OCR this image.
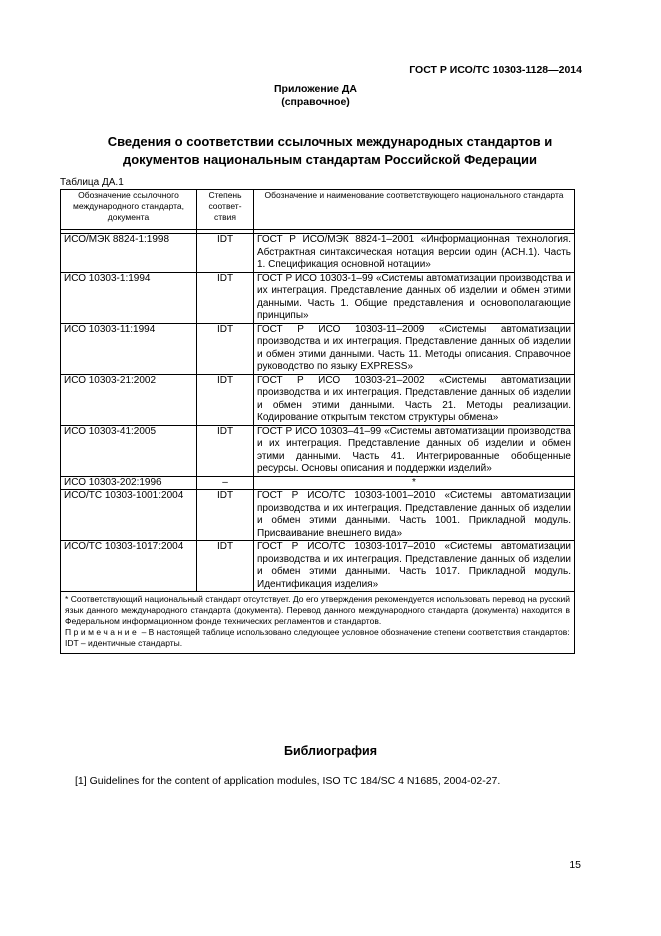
ГОСТ Р ИСО/ТС 10303-1128—2014
Приложение ДА
(справочное)
Сведения о соответствии ссылочных международных стандартов и
документов национальным стандартам Российской Федерации
Таблица ДА.1
Обозначение ссылочного международного стандарта, документа	Степень соответ-ствия	Обозначение и наименование соответствующего национального стандарта

ИСО/МЭК 8824-1:1998	IDT	ГОСТ Р ИСО/МЭК 8824-1–2001 «Информационная технология. Абстрактная синтаксическая нотация версии один (АСН.1). Часть 1. Спецификация основной нотации»
ИСО 10303-1:1994	IDT	ГОСТ Р ИСО 10303-1–99 «Системы автоматизации производства и их интеграция. Представление данных об изделии и обмен этими данными. Часть 1. Общие представления и основополагающие принципы»
ИСО 10303-11:1994	IDT	ГОСТ Р ИСО 10303-11–2009 «Системы автоматизации производства и их интеграция. Представление данных об изделии и обмен этими данными. Часть 11. Методы описания. Справочное руководство по языку EXPRESS»
ИСО 10303-21:2002	IDT	ГОСТ Р ИСО 10303-21–2002 «Системы автоматизации производства и их интеграция. Представление данных об изделии и обмен этими данными. Часть 21. Методы реализации. Кодирование открытым текстом структуры обмена»
ИСО 10303-41:2005	IDT	ГОСТ Р ИСО 10303–41–99 «Системы автоматизации производства и их интеграция. Представление данных об изделии и обмен этими данными. Часть 41. Интегрированные обобщенные ресурсы. Основы описания и поддержки изделий»
ИСО 10303-202:1996	–	*
ИСО/ТС 10303-1001:2004	IDT	ГОСТ Р ИСО/ТС 10303-1001–2010 «Системы автоматизации производства и их интеграция. Представление данных об изделии и обмен этими данными. Часть 1001. Прикладной модуль. Присваивание внешнего вида»
ИСО/ТС 10303-1017:2004	IDT	ГОСТ Р ИСО/ТС 10303-1017–2010 «Системы автоматизации производства и их интеграция. Представление данных об изделии и обмен этими данными. Часть 1017. Прикладной модуль. Идентификация изделия»

* Соответствующий национальный стандарт отсутствует. До его утверждения рекомендуется использовать перевод на русский язык данного международного стандарта (документа). Перевод данного международного стандарта (документа) находится в Федеральном информационном фонде технических регламентов и стандартов.

Примечание – В настоящей таблице использовано следующее условное обозначение степени соответствия стандартов:

IDT – идентичные стандарты.		

Библиография
[1] Guidelines for the content of application modules, ISO TC 184/SC 4 N1685, 2004-02-27.
15
